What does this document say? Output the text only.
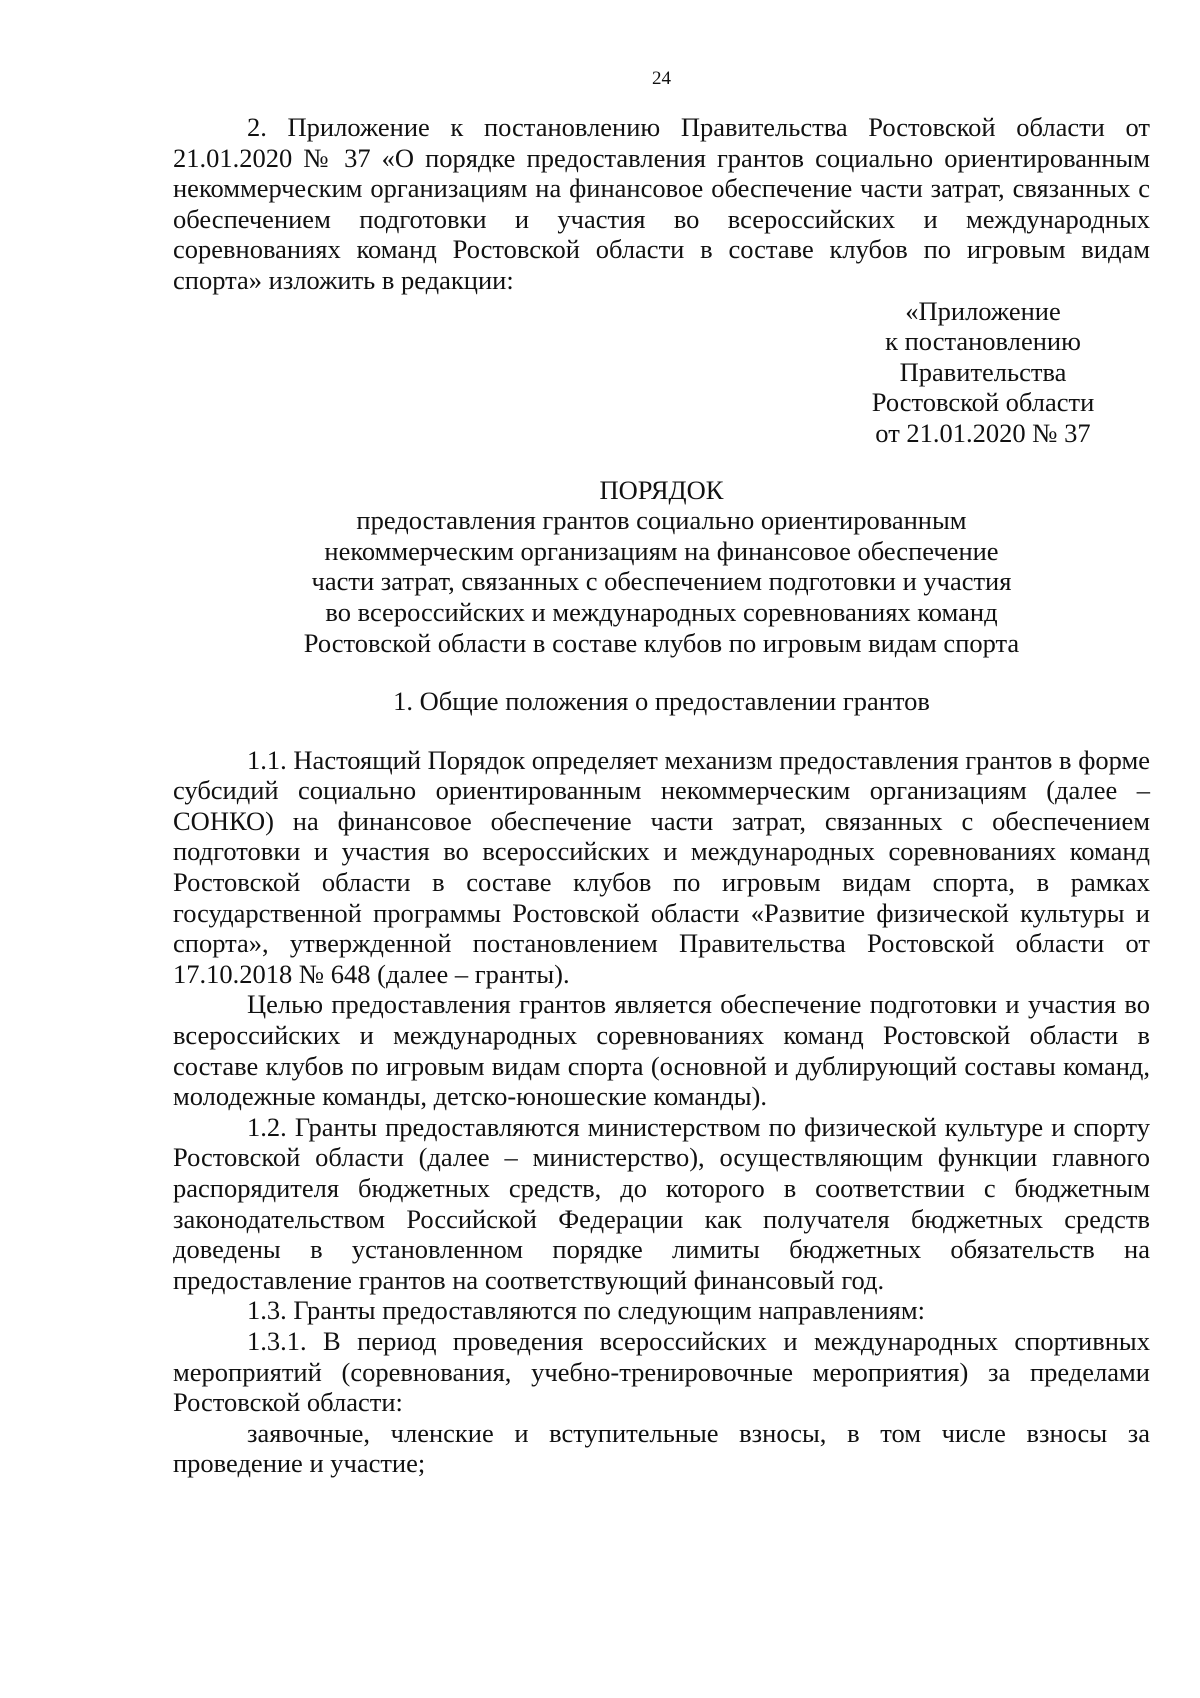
24

2. Приложение к постановлению Правительства Ростовской области от 21.01.2020 № 37 «О порядке предоставления грантов социально ориентированным некоммерческим организациям на финансовое обеспечение части затрат, связанных с обеспечением подготовки и участия во всероссийских и международных соревнованиях команд Ростовской области в составе клубов по игровым видам спорта» изложить в редакции:

«Приложение
к постановлению
Правительства
Ростовской области
от 21.01.2020 № 37
ПОРЯДОК
предоставления грантов социально ориентированным
некоммерческим организациям на финансовое обеспечение
части затрат, связанных с обеспечением подготовки и участия
во всероссийских и международных соревнованиях команд
Ростовской области в составе клубов по игровым видам спорта
1. Общие положения о предоставлении грантов

1.1. Настоящий Порядок определяет механизм предоставления грантов в форме субсидий социально ориентированным некоммерческим организациям (далее – СОНКО) на финансовое обеспечение части затрат, связанных с обеспечением подготовки и участия во всероссийских и международных соревнованиях команд Ростовской области в составе клубов по игровым видам спорта, в рамках государственной программы Ростовской области «Развитие физической культуры и спорта», утвержденной постановлением Правительства Ростовской области от 17.10.2018 № 648 (далее – гранты).

Целью предоставления грантов является обеспечение подготовки и участия во всероссийских и международных соревнованиях команд Ростовской области в составе клубов по игровым видам спорта (основной и дублирующий составы команд, молодежные команды, детско-юношеские команды).

1.2. Гранты предоставляются министерством по физической культуре и спорту Ростовской области (далее – министерство), осуществляющим функции главного распорядителя бюджетных средств, до которого в соответствии с бюджетным законодательством Российской Федерации как получателя бюджетных средств доведены в установленном порядке лимиты бюджетных обязательств на предоставление грантов на соответствующий финансовый год.

1.3. Гранты предоставляются по следующим направлениям:

1.3.1. В период проведения всероссийских и международных спортивных мероприятий (соревнования, учебно-тренировочные мероприятия) за пределами Ростовской области:

заявочные, членские и вступительные взносы, в том числе взносы за проведение и участие;
